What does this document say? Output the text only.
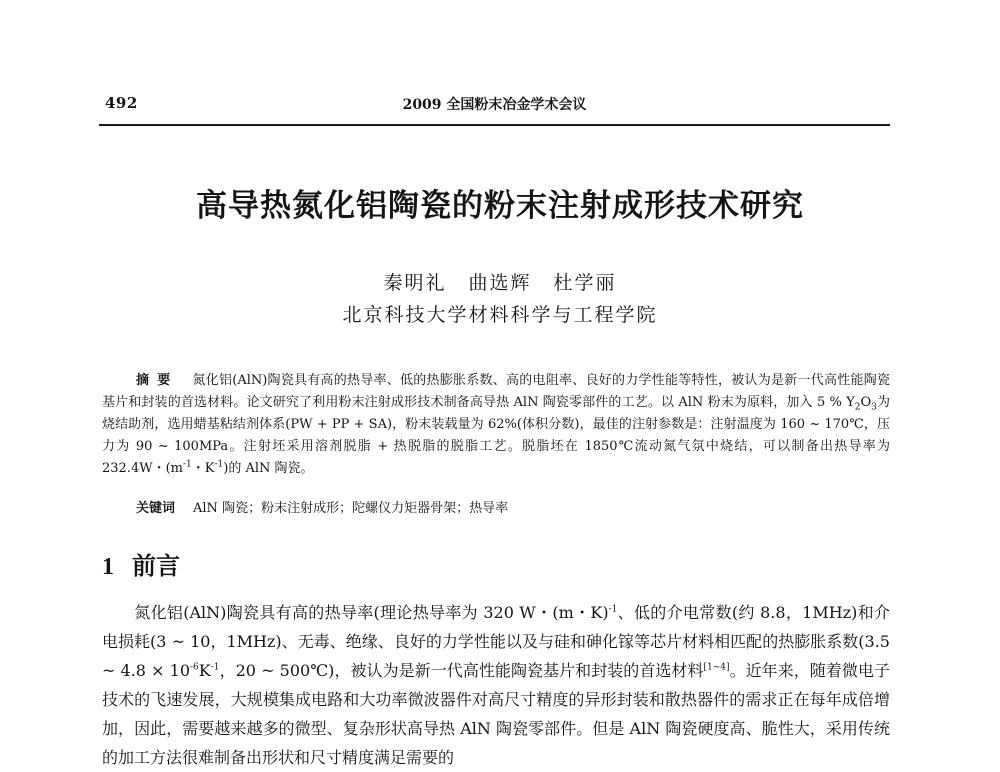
492	2009 全国粉末冶金学术会议
高导热氮化铝陶瓷的粉末注射成形技术研究
秦明礼 曲选辉 杜学丽
北京科技大学材料科学与工程学院
摘要 氮化铝(AlN)陶瓷具有高的热导率、低的热膨胀系数、高的电阻率、良好的力学性能等特性，被认为是新一代高性能陶瓷基片和封装的首选材料。论文研究了利用粉末注射成形技术制备高导热 AlN 陶瓷零部件的工艺。以 AlN 粉末为原料，加入 5 % $Y_2O_3$为烧结助剂，选用蜡基粘结剂体系(PW + PP + SA)，粉末装载量为 62%(体积分数)，最佳的注射参数是：注射温度为 160 ~ 170℃，压力为 90 ~ 100MPa。注射坯采用溶剂脱脂 + 热脱脂的脱脂工艺。脱脂坯在 1850℃流动氮气氛中烧结，可以制备出热导率为 232.4W・($m^{-1}$・$K^{-1}$)的 AlN 陶瓷。
关键词 AlN 陶瓷；粉末注射成形；陀螺仪力矩器骨架；热导率
1 前言
氮化铝(AlN)陶瓷具有高的热导率(理论热导率为 320 W・(m・K)$^{-1}$、低的介电常数(约 8.8，1MHz)和介电损耗(3 ~ 10，1MHz)、无毒、绝缘、良好的力学性能以及与硅和砷化镓等芯片材料相匹配的热膨胀系数(3.5 ~ $4.8 \times 10^{-6}K^{-1}$，20 ~ 500℃)，被认为是新一代高性能陶瓷基片和封装的首选材料[1~4]。近年来，随着微电子技术的飞速发展，大规模集成电路和大功率微波器件对高尺寸精度的异形封装和散热器件的需求正在每年成倍增加，因此，需要越来越多的微型、复杂形状高导热 AlN 陶瓷零部件。但是 AlN 陶瓷硬度高、脆性大，采用传统的加工方法很难制备出形状和尺寸精度满足需要的
